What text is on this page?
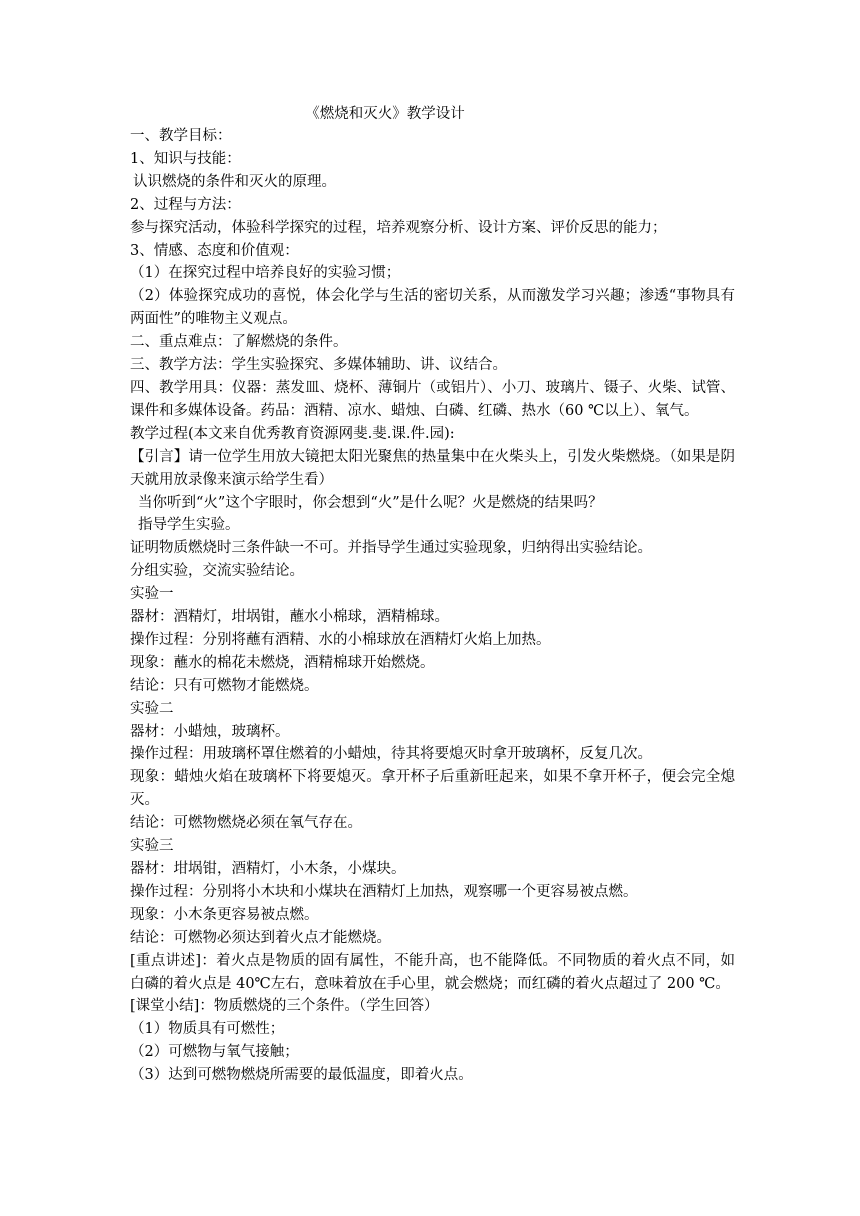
《燃烧和灭火》教学设计

一、教学目标：

1、知识与技能：

认识燃烧的条件和灭火的原理。

2、过程与方法：

参与探究活动，体验科学探究的过程，培养观察分析、设计方案、评价反思的能力；

3、情感、态度和价值观：

（1）在探究过程中培养良好的实验习惯；

（2）体验探究成功的喜悦，体会化学与生活的密切关系，从而激发学习兴趣；渗透“事物具有两面性”的唯物主义观点。

二、重点难点：了解燃烧的条件。

三、教学方法：学生实验探究、多媒体辅助、讲、议结合。

四、教学用具：仪器：蒸发皿、烧杯、薄铜片（或铝片）、小刀、玻璃片、镊子、火柴、试管、课件和多媒体设备。药品：酒精、凉水、蜡烛、白磷、红磷、热水（60 ℃以上）、氧气。

教学过程(本文来自优秀教育资源网斐.斐.课.件.园):

【引言】请一位学生用放大镜把太阳光聚焦的热量集中在火柴头上，引发火柴燃烧。（如果是阴天就用放录像来演示给学生看）

当你听到“火”这个字眼时，你会想到“火”是什么呢？火是燃烧的结果吗？

指导学生实验。

证明物质燃烧时三条件缺一不可。并指导学生通过实验现象，归纳得出实验结论。

分组实验，交流实验结论。

实验一

器材：酒精灯，坩埚钳，蘸水小棉球，酒精棉球。

操作过程：分别将蘸有酒精、水的小棉球放在酒精灯火焰上加热。

现象：蘸水的棉花未燃烧，酒精棉球开始燃烧。

结论：只有可燃物才能燃烧。

实验二

器材：小蜡烛，玻璃杯。

操作过程：用玻璃杯罩住燃着的小蜡烛，待其将要熄灭时拿开玻璃杯，反复几次。

现象：蜡烛火焰在玻璃杯下将要熄灭。拿开杯子后重新旺起来，如果不拿开杯子，便会完全熄灭。

结论：可燃物燃烧必须在氧气存在。

实验三

器材：坩埚钳，酒精灯，小木条，小煤块。

操作过程：分别将小木块和小煤块在酒精灯上加热，观察哪一个更容易被点燃。

现象：小木条更容易被点燃。

结论：可燃物必须达到着火点才能燃烧。

[重点讲述]：着火点是物质的固有属性，不能升高，也不能降低。不同物质的着火点不同，如白磷的着火点是 40℃左右，意味着放在手心里，就会燃烧；而红磷的着火点超过了 200 ℃。

[课堂小结]：物质燃烧的三个条件。（学生回答）

（1）物质具有可燃性；

（2）可燃物与氧气接触；

（3）达到可燃物燃烧所需要的最低温度，即着火点。
